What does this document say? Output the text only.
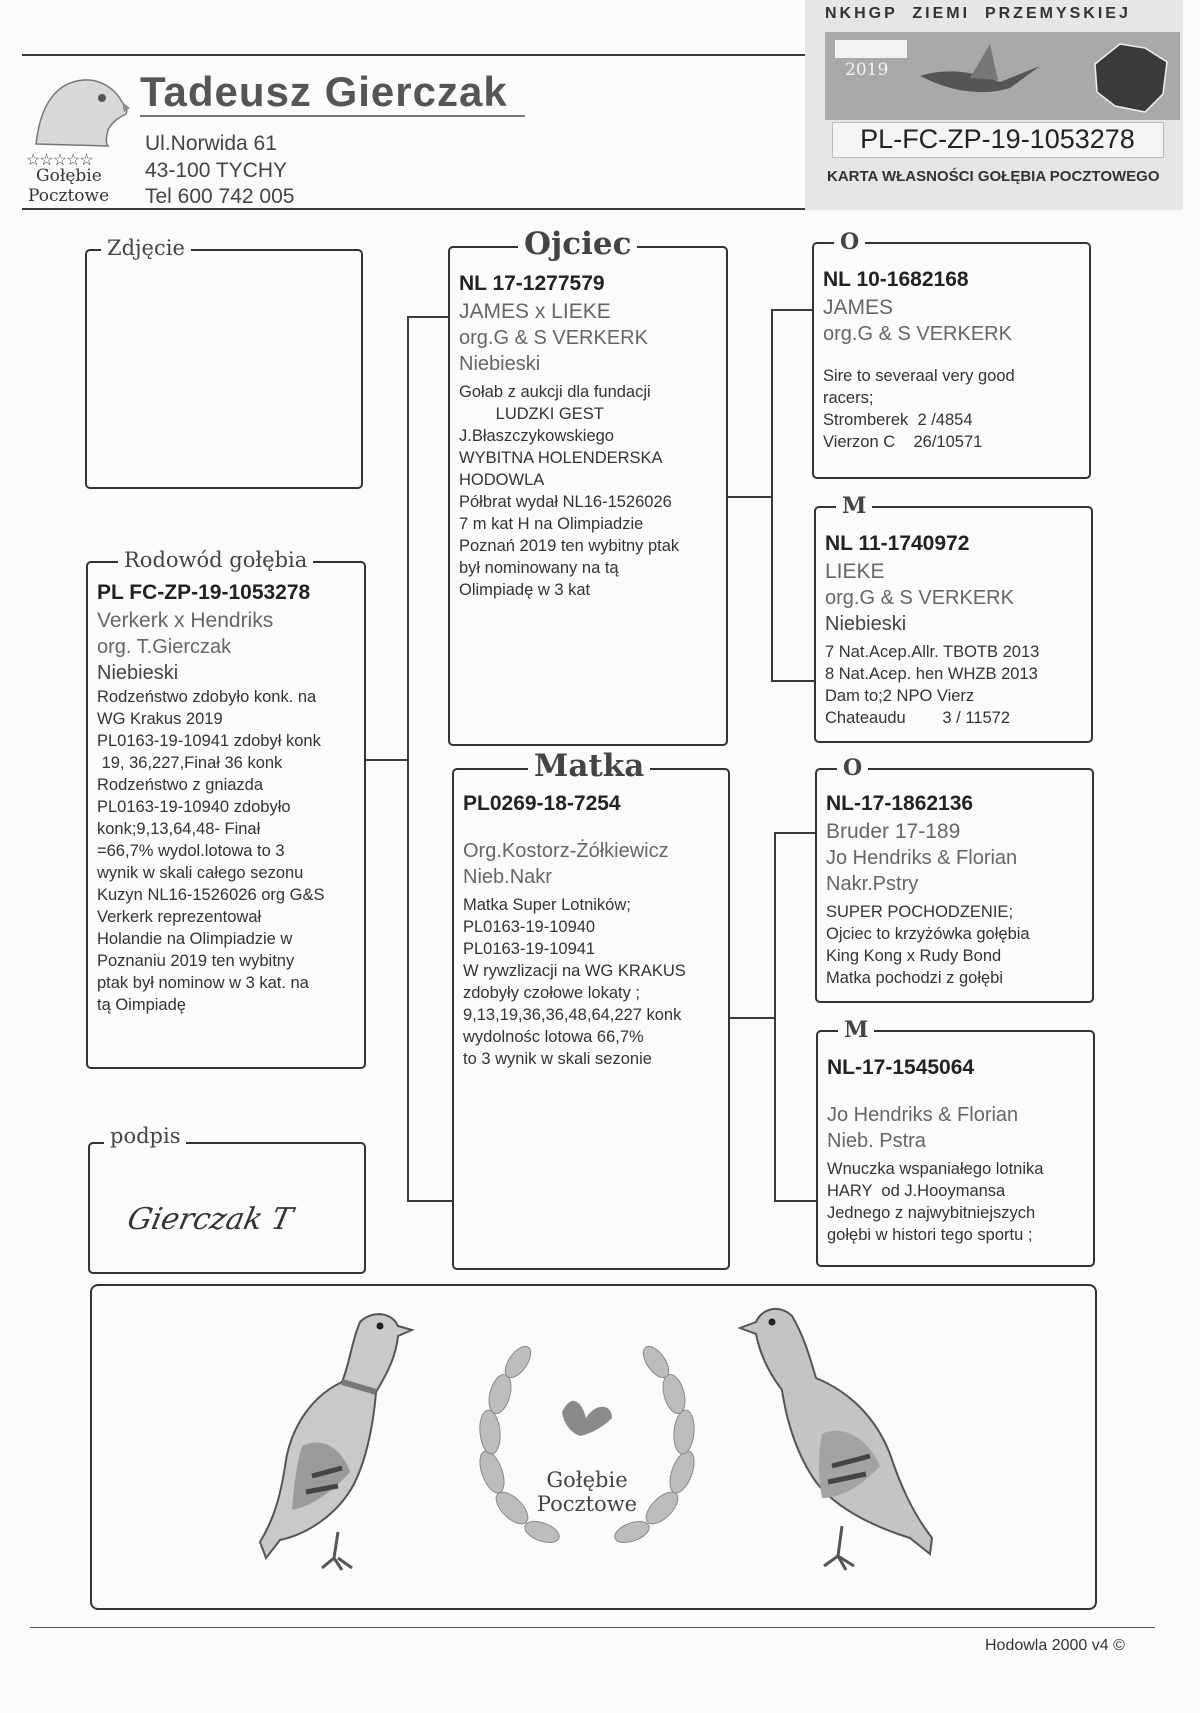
☆☆☆☆☆
Gołębie
Pocztowe
Tadeusz Gierczak
Ul.Norwida 61
43-100 TYCHY
Tel 600 742 005
NKHGP  ZIEMI  PRZEMYSKIEJ
2019
PL-FC-ZP-19-1053278
KARTA WŁASNOŚCI GOŁĘBIA POCZTOWEGO
Zdjęcie
Rodowód gołębia
PL FC-ZP-19-1053278
Verkerk x Hendriks
org. T.Gierczak
Niebieski
Rodzeństwo zdobyło konk. na
WG Krakus 2019
PL0163-19-10941 zdobył konk
19, 36,227,Finał 36 konk
Rodzeństwo z gniazda
PL0163-19-10940 zdobyło
konk;9,13,64,48- Finał
=66,7% wydol.lotowa to 3
wynik w skali całego sezonu
Kuzyn NL16-1526026 org G&S
Verkerk reprezentował
Holandie na Olimpiadzie w
Poznaniu 2019 ten wybitny
ptak był nominow w 3 kat. na
tą Oimpiadę
podpis
Gierczak T
Ojciec
NL 17-1277579
JAMES x LIEKE
org.G & S VERKERK
Niebieski
Gołab z aukcji dla fundacji
LUDZKI GEST
J.Błaszczykowskiego
WYBITNA HOLENDERSKA
HODOWLA
Półbrat wydał NL16-1526026
7 m kat H na Olimpiadzie
Poznań 2019 ten wybitny ptak
był nominowany na tą
Olimpiadę w 3 kat
Matka
PL0269-18-7254
Org.Kostorz-Żółkiewicz
Nieb.Nakr
Matka Super Lotników;
PL0163-19-10940
PL0163-19-10941
W rywzlizacji na WG KRAKUS
zdobyły czołowe lokaty ;
9,13,19,36,36,48,64,227 konk
wydolnośc lotowa 66,7%
to 3 wynik w skali sezonie
O
NL 10-1682168
JAMES
org.G & S VERKERK
Sire to severaal very good
racers;
Stromberek  2 /4854
Vierzon C    26/10571
M
NL 11-1740972
LIEKE
org.G & S VERKERK
Niebieski
7 Nat.Acep.Allr. TBOTB 2013
8 Nat.Acep. hen WHZB 2013
Dam to;2 NPO Vierz
Chateaudu        3 / 11572
O
NL-17-1862136
Bruder 17-189
Jo Hendriks & Florian
Nakr.Pstry
SUPER POCHODZENIE;
Ojciec to krzyżówka gołębia
King Kong x Rudy Bond
Matka pochodzi z gołębi
M
NL-17-1545064
Jo Hendriks & Florian
Nieb. Pstra
Wnuczka wspaniałego lotnika
HARY  od J.Hooymansa
Jednego z najwybitniejszych
gołębi w histori tego sportu ;
Gołębie
Pocztowe
Hodowla 2000 v4 ©
